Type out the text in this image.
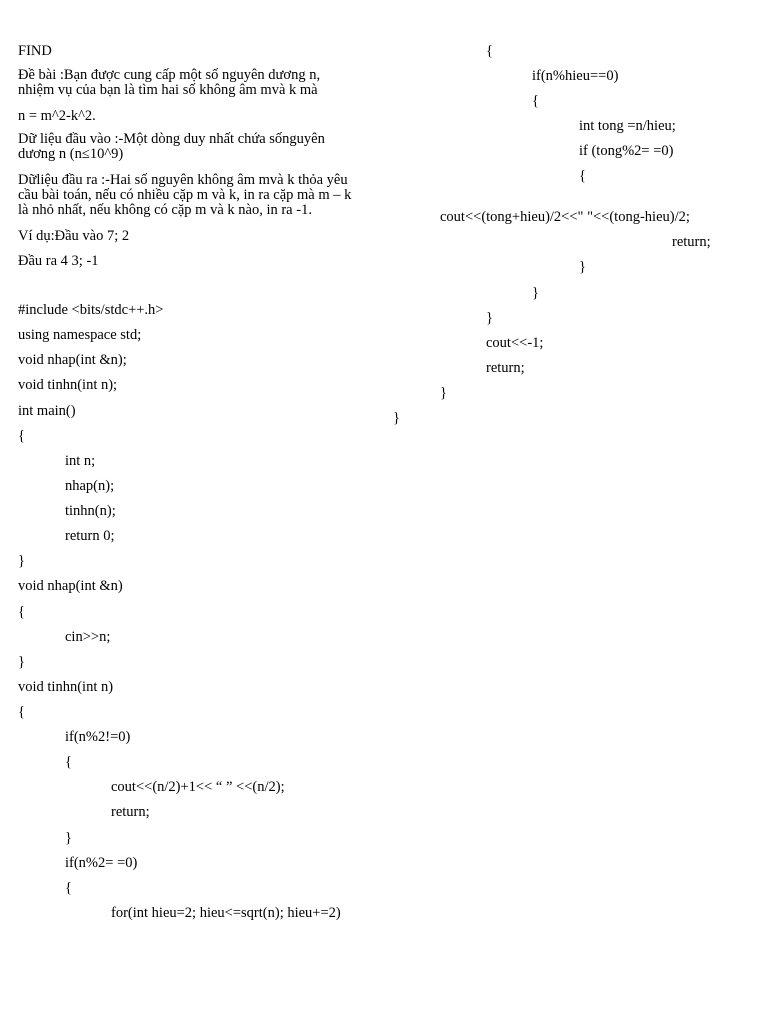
FIND
Đề bài :Bạn được cung cấp một số nguyên dương n, nhiệm vụ của bạn là tìm hai số không âm mvà k mà
n = m^2-k^2.
Dữ liệu đầu vào :-Một dòng duy nhất chứa sốnguyên dương n (n≤10^9)
Dữliệu đầu ra :-Hai số nguyên không âm mvà k thỏa yêu cầu bài toán, nếu có nhiều cặp m và k, in ra cặp mà m – k là nhỏ nhất, nếu không có cặp m và k nào, in ra -1.
Ví dụ:Đầu vào 7; 2
Đầu ra 4 3; -1
#include <bits/stdc++.h>
using namespace std;
void nhap(int &n);
void tinhn(int n);
int main()
{
int n;
nhap(n);
tinhn(n);
return 0;
}
void nhap(int &n)
{
cin>>n;
}
void tinhn(int n)
{
if(n%2!=0)
{
cout<<(n/2)+1<< “ ” <<(n/2);
return;
}
if(n%2= =0)
{
for(int hieu=2; hieu<=sqrt(n); hieu+=2)
{
if(n%hieu==0)
{
int tong =n/hieu;
if (tong%2= =0)
{
cout<<(tong+hieu)/2<<" "<<(tong-hieu)/2;
return;
}
}
}
cout<<-1;
return;
}
}
